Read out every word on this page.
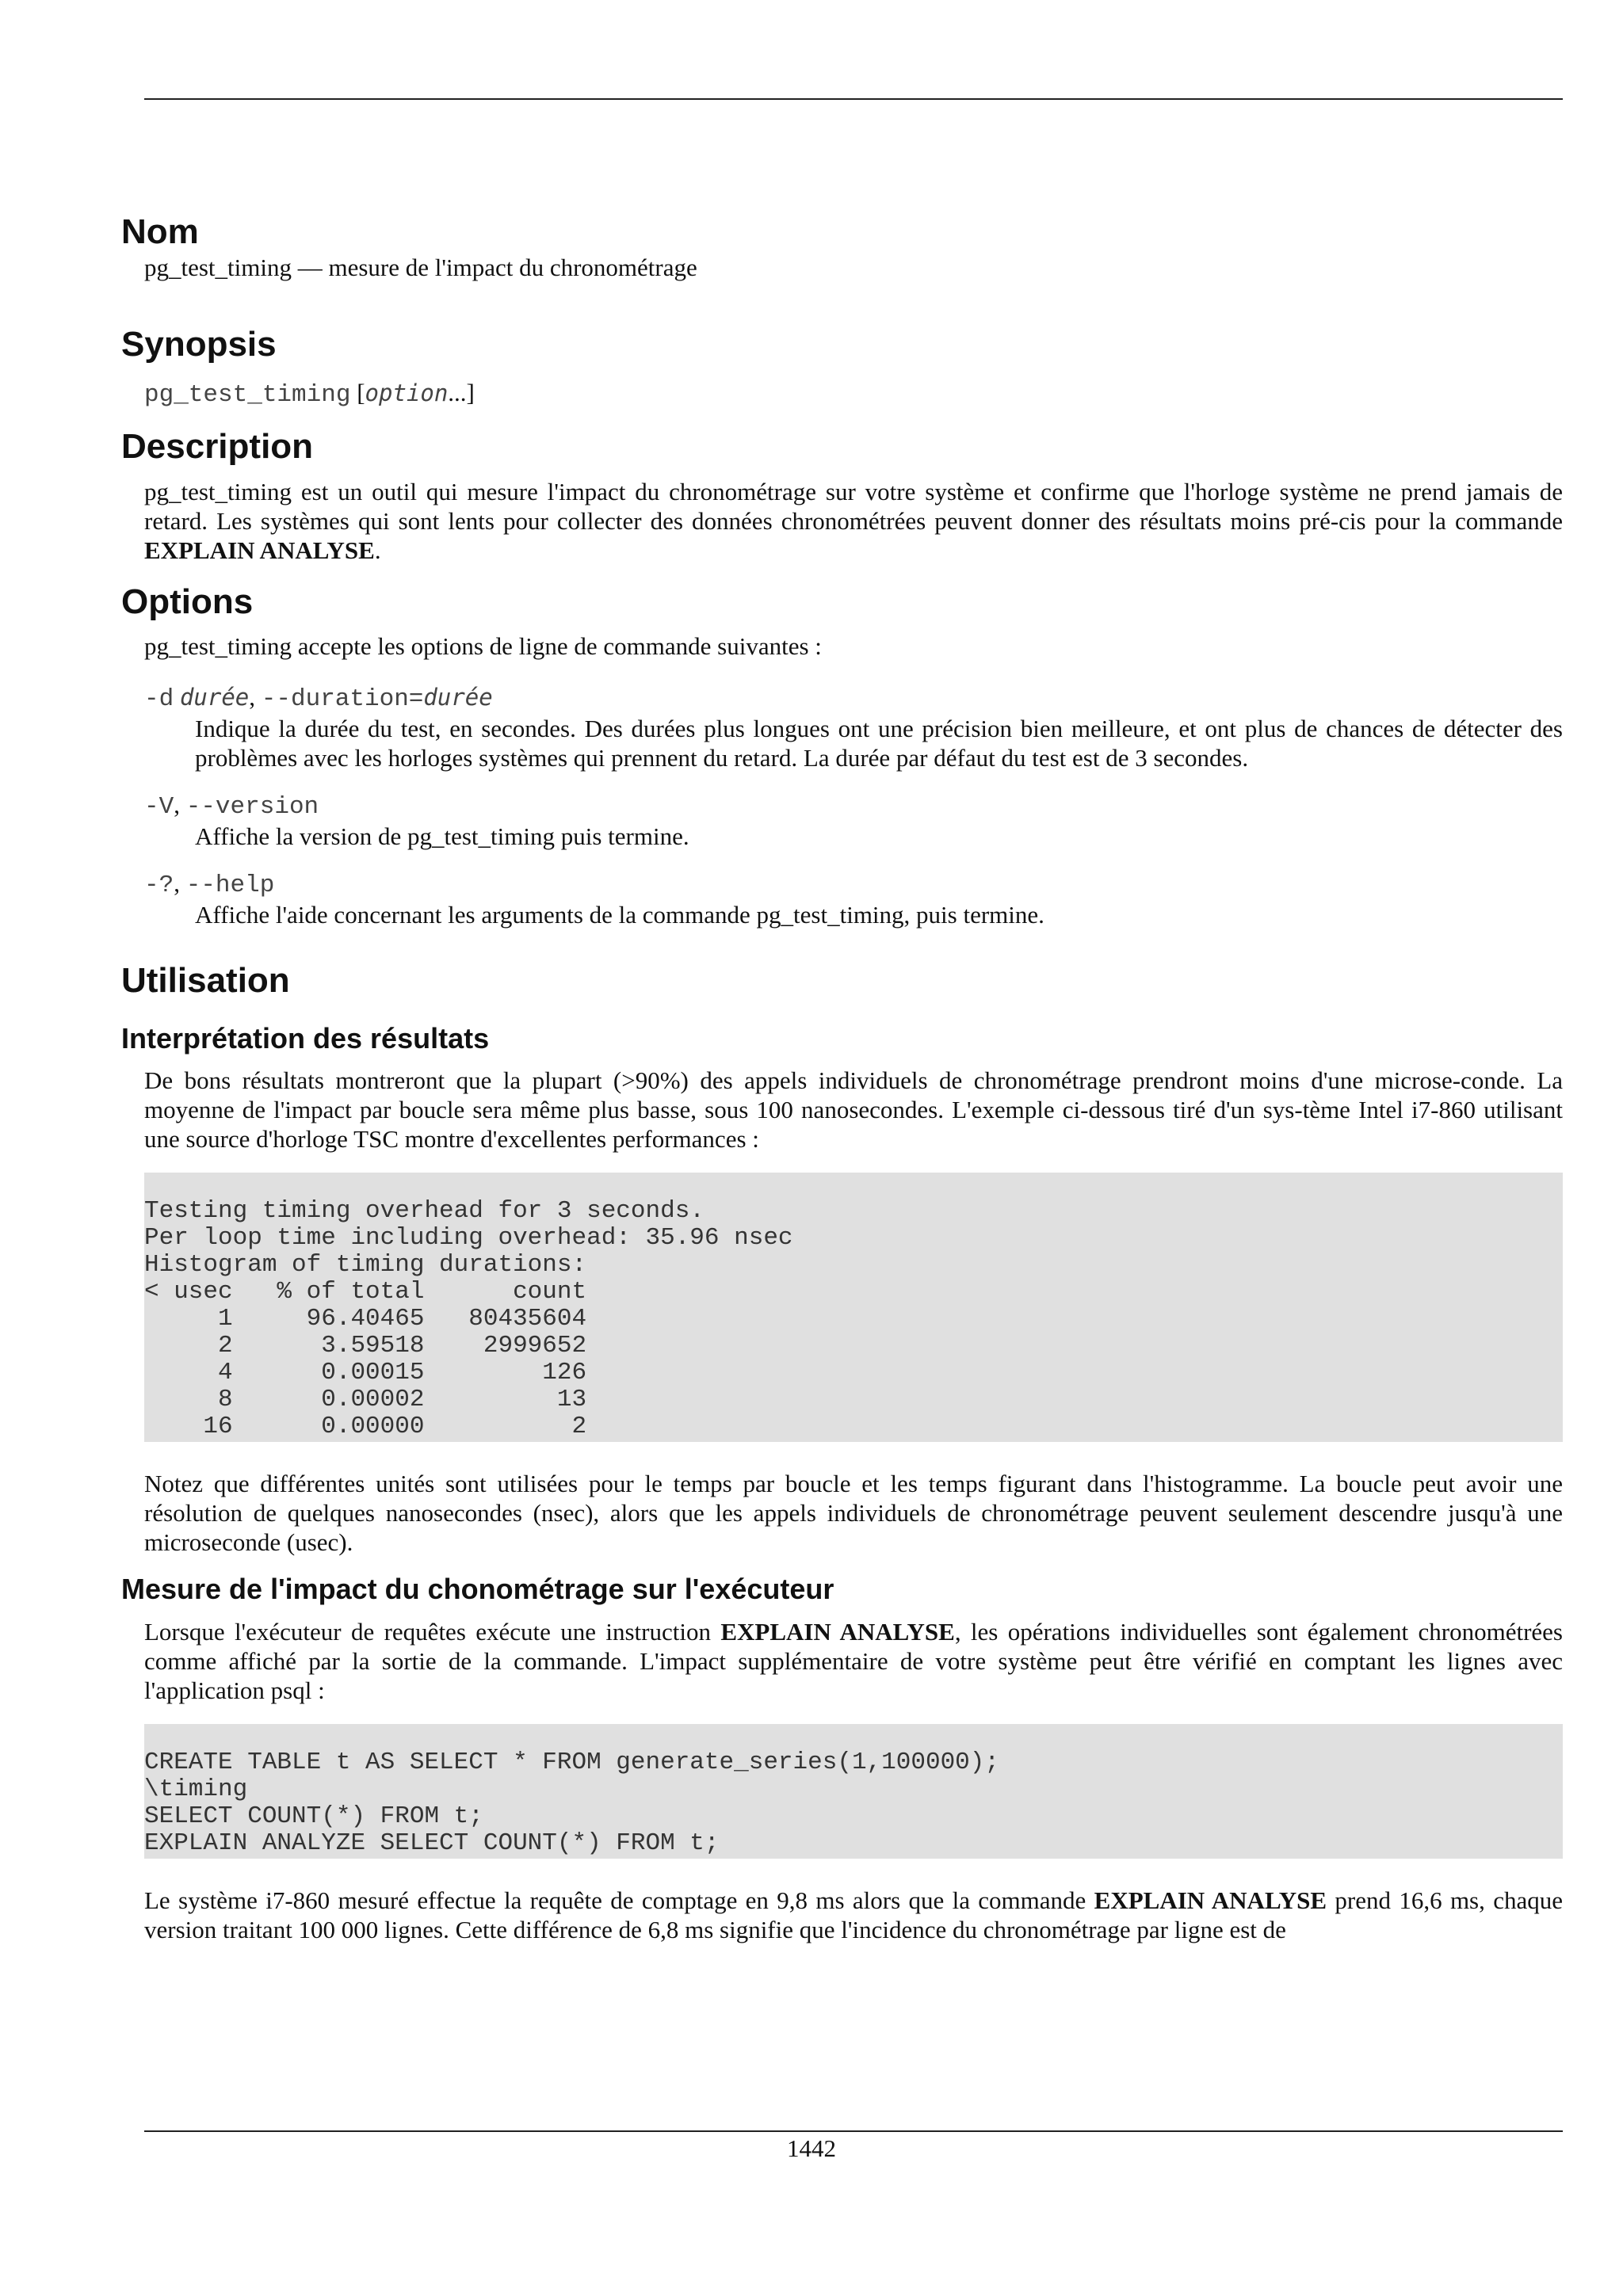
Nom

pg_test_timing — mesure de l'impact du chronométrage

Synopsis
pg_test_timing [option...]
Description

pg_test_timing est un outil qui mesure l'impact du chronométrage sur votre système et confirme que l'horloge système ne prend jamais de retard. Les systèmes qui sont lents pour collecter des données chronométrées peuvent donner des résultats moins pré-cis pour la commande EXPLAIN ANALYSE.

Options

pg_test_timing accepte les options de ligne de commande suivantes :

-d durée, --duration=durée

Indique la durée du test, en secondes. Des durées plus longues ont une précision bien meilleure, et ont plus de chances de détecter des problèmes avec les horloges systèmes qui prennent du retard. La durée par défaut du test est de 3 secondes.

-V, --version

Affiche la version de pg_test_timing puis termine.

-?, --help

Affiche l'aide concernant les arguments de la commande pg_test_timing, puis termine.

Utilisation
Interprétation des résultats

De bons résultats montreront que la plupart (>90%) des appels individuels de chronométrage prendront moins d'une microse-conde. La moyenne de l'impact par boucle sera même plus basse, sous 100 nanosecondes. L'exemple ci-dessous tiré d'un sys-tème Intel i7-860 utilisant une source d'horloge TSC montre d'excellentes performances :

Testing timing overhead for 3 seconds.
Per loop time including overhead: 35.96 nsec
Histogram of timing durations:
< usec   % of total      count
1     96.40465   80435604
2      3.59518    2999652
4      0.00015        126
8      0.00002         13
16      0.00000          2

Notez que différentes unités sont utilisées pour le temps par boucle et les temps figurant dans l'histogramme. La boucle peut avoir une résolution de quelques nanosecondes (nsec), alors que les appels individuels de chronométrage peuvent seulement descendre jusqu'à une microseconde (usec).

Mesure de l'impact du chonométrage sur l'exécuteur

Lorsque l'exécuteur de requêtes exécute une instruction EXPLAIN ANALYSE, les opérations individuelles sont également chronométrées comme affiché par la sortie de la commande. L'impact supplémentaire de votre système peut être vérifié en comptant les lignes avec l'application psql :

CREATE TABLE t AS SELECT * FROM generate_series(1,100000);
\timing
SELECT COUNT(*) FROM t;
EXPLAIN ANALYZE SELECT COUNT(*) FROM t;

Le système i7-860 mesuré effectue la requête de comptage en 9,8 ms alors que la commande EXPLAIN ANALYSE prend 16,6 ms, chaque version traitant 100 000 lignes. Cette différence de 6,8 ms signifie que l'incidence du chronométrage par ligne est de

1442
